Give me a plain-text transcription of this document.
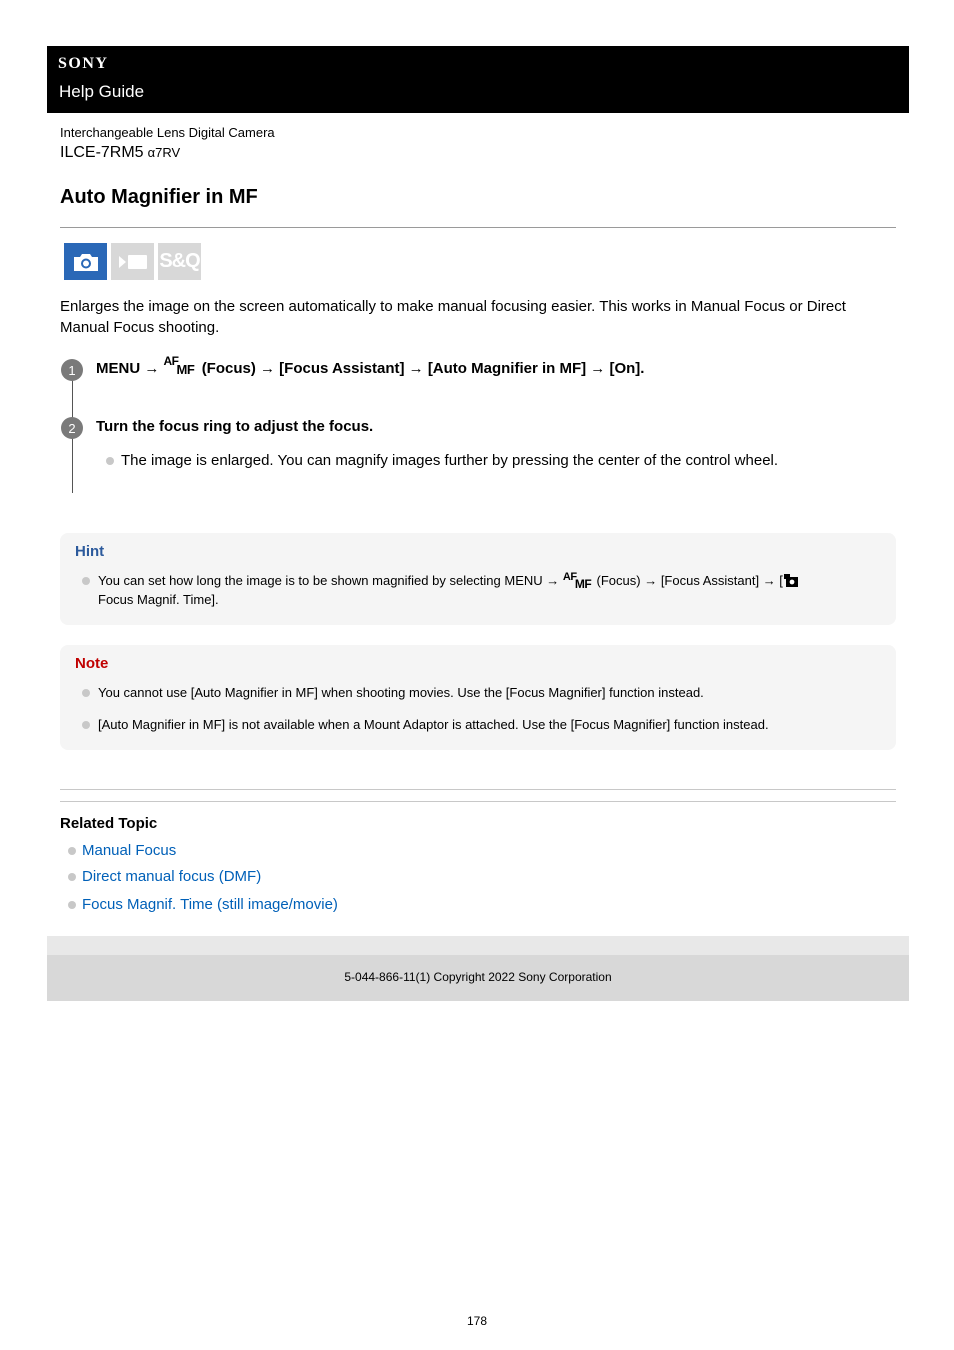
SONY
Help Guide
Interchangeable Lens Digital Camera
ILCE-7RM5 α7RV
Auto Magnifier in MF
S&Q

Enlarges the image on the screen automatically to make manual focusing easier. This works in Manual Focus or Direct Manual Focus shooting.

1	MENU → AF
MF (Focus) → [Focus Assistant] → [Auto Magnifier in MF] → [On].
2	Turn the focus ring to adjust the focus.
The image is enlarged. You can magnify images further by pressing the center of the control wheel.
Hint
You can set how long the image is to be shown magnified by selecting MENU → AF
MF (Focus) → [Focus Assistant] → [
Focus Magnif. Time].
Note
You cannot use [Auto Magnifier in MF] when shooting movies. Use the [Focus Magnifier] function instead.
[Auto Magnifier in MF] is not available when a Mount Adaptor is attached. Use the [Focus Magnifier] function instead.
Related Topic
Manual Focus
Direct manual focus (DMF)
Focus Magnif. Time (still image/movie)
5-044-866-11(1) Copyright 2022 Sony Corporation
178
